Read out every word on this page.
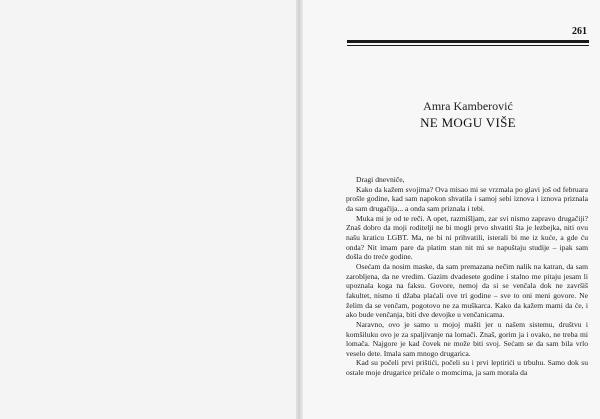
261
Amra Kamberović
NE MOGU VIŠE

Dragi dnevniče,

Kako da kažem svojima? Ova misao mi se vrzmala po glavi još od februara prošle godine, kad sam napokon shvatila i samoj sebi iznova i iznova priznala da sam drugačija... a onda sam priznala i tebi.

Muka mi je od te reči. A opet, razmišljam, zar svi nismo zapravo drugačiji? Znaš dobro da moji roditelji ne bi mogli prvo shvatiti šta je lezbejka, niti ovu našu kraticu LGBT. Ma, ne bi ni prihvatili, isterali bi me iz kuće, a gde ću onda? Nit imam pare da platim stan nit mi se napuštaju studije – ipak sam došla do treće godine.

Osećam da nosim maske, da sam premazana nečim nalik na katran, da sam zarobljena, da ne vredim. Gazim dvadesete godine i stalno me pitaju jesam li upoznala koga na faksu. Govore, nemoj da si se venčala dok ne završiš fakultet, nismo ti džaba plaćali ove tri godine – sve to oni meni govore. Ne želim da se venčam, pogotovo ne za muškarca. Kako da kažem mami da će, i ako bude venčanja, biti dve devojke u venčanicama.

Naravno, ovo je samo u mojoj mašti jer u našem sistemu, društvu i komšiluku ovo je za spaljivanje na lomači. Znaš, gorim ja i ovako, ne treba mi lomača. Najgore je kad čovek ne može biti svoj. Sećam se da sam bila vrlo veselo dete. Imala sam mnogo drugarica.

Kad su počeli prvi prištići, počeli su i prvi leptirići u trbuhu. Samo dok su ostale moje drugarice pričale o momcima, ja sam morala da
